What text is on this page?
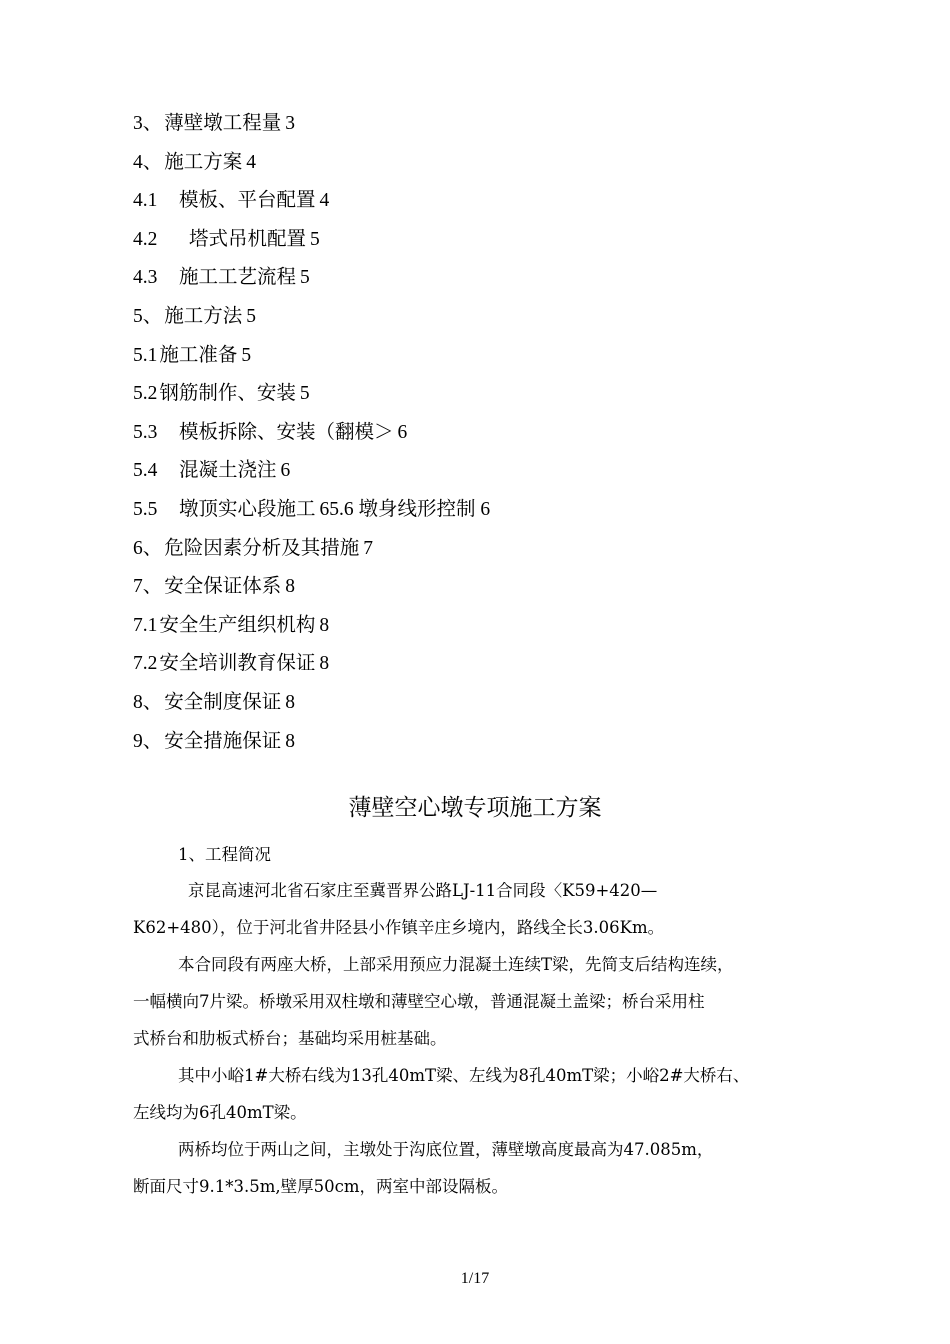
3、 薄壁墩工程量 3
4、 施工方案 4
4.1 模板、平台配置 4
4.2 塔式吊机配置 5
4.3 施工工艺流程 5
5、 施工方法 5
5.1 施工准备 5
5.2 钢筋制作、安装 5
5.3 模板拆除、安装（翻模＞ 6
5.4 混凝土浇注 6
5.5 墩顶实心段施工 65.6 墩身线形控制 6
6、 危险因素分析及其措施 7
7、 安全保证体系 8
7.1 安全生产组织机构 8
7.2 安全培训教育保证 8
8、 安全制度保证 8
9、 安全措施保证 8
薄壁空心墩专项施工方案
1、工程简况
京昆高速河北省石家庄至冀晋界公路LJ-11合同段〈K59+420—
K62+480），位于河北省井陉县小作镇辛庄乡境内，路线全长3.06Km。
本合同段有两座大桥，上部采用预应力混凝土连续T梁，先简支后结构连续，
一幅横向7片梁。桥墩采用双柱墩和薄壁空心墩，普通混凝土盖梁；桥台采用柱
式桥台和肋板式桥台；基础均采用桩基础。
其中小峪1#大桥右线为13孔40mT梁、左线为8孔40mT梁；小峪2#大桥右、
左线均为6孔40mT梁。
两桥均位于两山之间，主墩处于沟底位置，薄壁墩高度最高为47.085m，
断面尺寸9.1*3.5m,壁厚50cm，两室中部设隔板。
1/17
